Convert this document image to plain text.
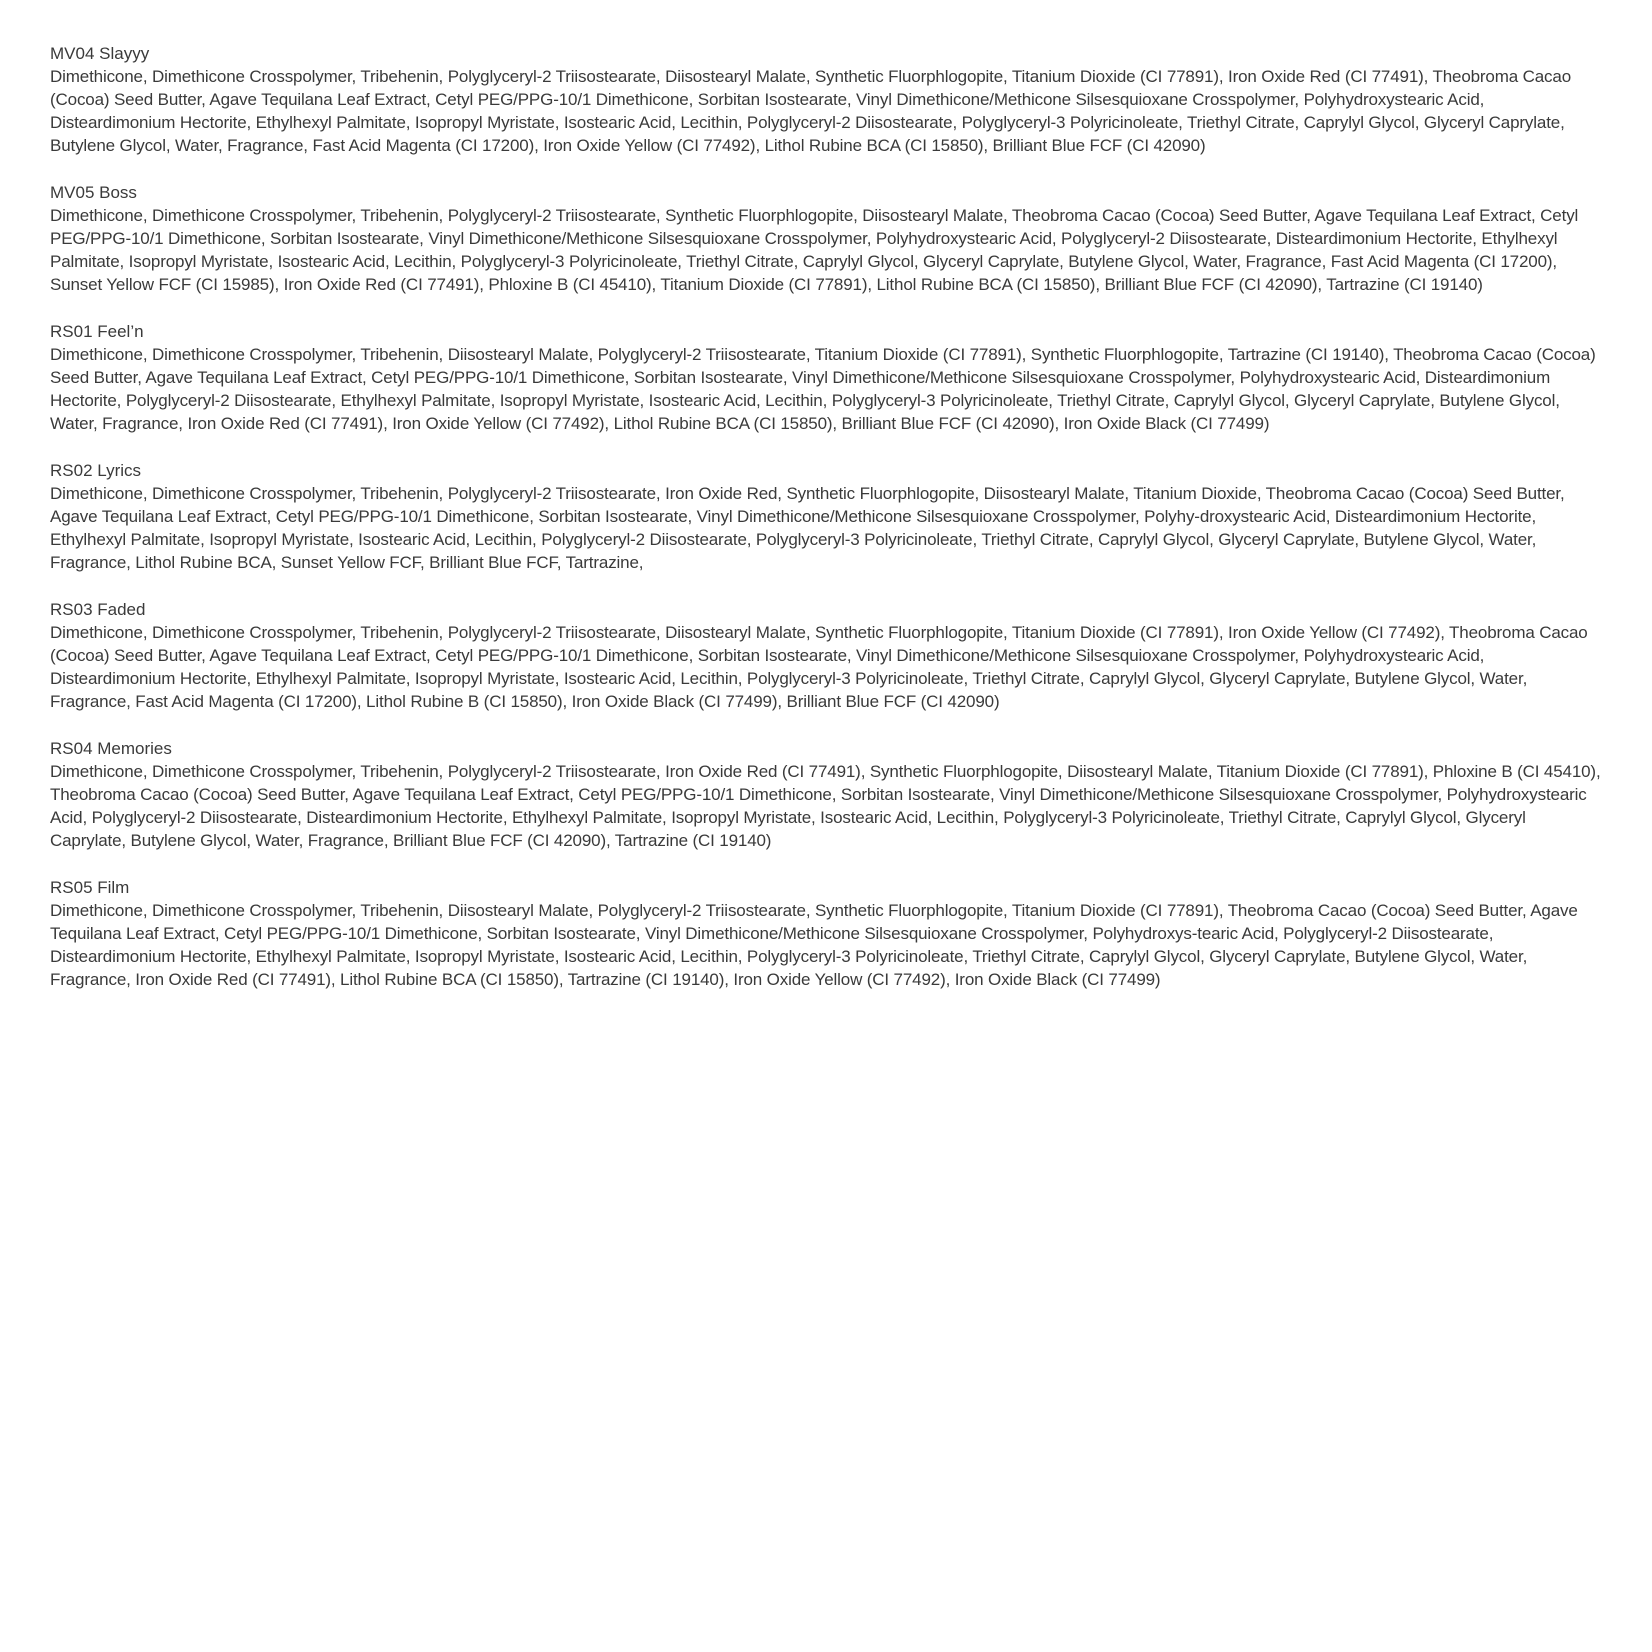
MV04 Slayyy

Dimethicone, Dimethicone Crosspolymer, Tribehenin, Polyglyceryl-2 Triisostearate, Diisostearyl Malate, Synthetic Fluorphlogopite, Titanium Dioxide (CI 77891), Iron Oxide Red (CI 77491), Theobroma Cacao (Cocoa) Seed Butter, Agave Tequilana Leaf Extract, Cetyl PEG/PPG-10/1 Dimethicone, Sorbitan Isostearate, Vinyl Dimethicone/Methicone Silsesquioxane Crosspolymer, Polyhydroxystearic Acid, Disteardimonium Hectorite, Ethylhexyl Palmitate, Isopropyl Myristate, Isostearic Acid, Lecithin, Polyglyceryl-2 Diisostearate, Polyglyceryl-3 Polyricinoleate, Triethyl Citrate, Caprylyl Glycol, Glyceryl Caprylate, Butylene Glycol, Water, Fragrance, Fast Acid Magenta (CI 17200), Iron Oxide Yellow (CI 77492), Lithol Rubine BCA (CI 15850), Brilliant Blue FCF (CI 42090)

MV05 Boss

Dimethicone, Dimethicone Crosspolymer, Tribehenin, Polyglyceryl-2 Triisostearate, Synthetic Fluorphlogopite, Diisostearyl Malate, Theobroma Cacao (Cocoa) Seed Butter, Agave Tequilana Leaf Extract, Cetyl PEG/PPG-10/1 Dimethicone, Sorbitan Isostearate, Vinyl Dimethicone/Methicone Silsesquioxane Crosspolymer, Polyhydroxystearic Acid, Polyglyceryl-2 Diisostearate, Disteardimonium Hectorite, Ethylhexyl Palmitate, Isopropyl Myristate, Isostearic Acid, Lecithin, Polyglyceryl-3 Polyricinoleate, Triethyl Citrate, Caprylyl Glycol, Glyceryl Caprylate, Butylene Glycol, Water, Fragrance, Fast Acid Magenta (CI 17200), Sunset Yellow FCF (CI 15985), Iron Oxide Red (CI 77491), Phloxine B (CI 45410), Titanium Dioxide (CI 77891), Lithol Rubine BCA (CI 15850), Brilliant Blue FCF (CI 42090), Tartrazine (CI 19140)

RS01 Feel’n

Dimethicone, Dimethicone Crosspolymer, Tribehenin, Diisostearyl Malate, Polyglyceryl-2 Triisostearate, Titanium Dioxide (CI 77891), Synthetic Fluorphlogopite, Tartrazine (CI 19140), Theobroma Cacao (Cocoa) Seed Butter, Agave Tequilana Leaf Extract, Cetyl PEG/PPG-10/1 Dimethicone, Sorbitan Isostearate, Vinyl Dimethicone/Methicone Silsesquioxane Crosspolymer, Polyhydroxystearic Acid, Disteardimonium Hectorite, Polyglyceryl-2 Diisostearate, Ethylhexyl Palmitate, Isopropyl Myristate, Isostearic Acid, Lecithin, Polyglyceryl-3 Polyricinoleate, Triethyl Citrate, Caprylyl Glycol, Glyceryl Caprylate, Butylene Glycol, Water, Fragrance, Iron Oxide Red (CI 77491), Iron Oxide Yellow (CI 77492), Lithol Rubine BCA (CI 15850), Brilliant Blue FCF (CI 42090), Iron Oxide Black (CI 77499)

RS02 Lyrics

Dimethicone, Dimethicone Crosspolymer, Tribehenin, Polyglyceryl-2 Triisostearate, Iron Oxide Red, Synthetic Fluorphlogopite, Diisostearyl Malate, Titanium Dioxide, Theobroma Cacao (Cocoa) Seed Butter, Agave Tequilana Leaf Extract, Cetyl PEG/PPG-10/1 Dimethicone, Sorbitan Isostearate, Vinyl Dimethicone/Methicone Silsesquioxane Crosspolymer, Polyhy-droxystearic Acid, Disteardimonium Hectorite, Ethylhexyl Palmitate, Isopropyl Myristate, Isostearic Acid, Lecithin, Polyglyceryl-2 Diisostearate, Polyglyceryl-3 Polyricinoleate, Triethyl Citrate, Caprylyl Glycol, Glyceryl Caprylate, Butylene Glycol, Water, Fragrance, Lithol Rubine BCA, Sunset Yellow FCF, Brilliant Blue FCF, Tartrazine,

RS03 Faded

Dimethicone, Dimethicone Crosspolymer, Tribehenin, Polyglyceryl-2 Triisostearate, Diisostearyl Malate, Synthetic Fluorphlogopite, Titanium Dioxide (CI 77891), Iron Oxide Yellow (CI 77492), Theobroma Cacao (Cocoa) Seed Butter, Agave Tequilana Leaf Extract, Cetyl PEG/PPG-10/1 Dimethicone, Sorbitan Isostearate, Vinyl Dimethicone/Methicone Silsesquioxane Crosspolymer, Polyhydroxystearic Acid, Disteardimonium Hectorite, Ethylhexyl Palmitate, Isopropyl Myristate, Isostearic Acid, Lecithin, Polyglyceryl-3 Polyricinoleate, Triethyl Citrate, Caprylyl Glycol, Glyceryl Caprylate, Butylene Glycol, Water, Fragrance, Fast Acid Magenta (CI 17200), Lithol Rubine B (CI 15850), Iron Oxide Black (CI 77499), Brilliant Blue FCF (CI 42090)

RS04 Memories

Dimethicone, Dimethicone Crosspolymer, Tribehenin, Polyglyceryl-2 Triisostearate, Iron Oxide Red (CI 77491), Synthetic Fluorphlogopite, Diisostearyl Malate, Titanium Dioxide (CI 77891), Phloxine B (CI 45410), Theobroma Cacao (Cocoa) Seed Butter, Agave Tequilana Leaf Extract, Cetyl PEG/PPG-10/1 Dimethicone, Sorbitan Isostearate, Vinyl Dimethicone/Methicone Silsesquioxane Crosspolymer, Polyhydroxystearic Acid, Polyglyceryl-2 Diisostearate, Disteardimonium Hectorite, Ethylhexyl Palmitate, Isopropyl Myristate, Isostearic Acid, Lecithin, Polyglyceryl-3 Polyricinoleate, Triethyl Citrate, Caprylyl Glycol, Glyceryl Caprylate, Butylene Glycol, Water, Fragrance, Brilliant Blue FCF (CI 42090), Tartrazine (CI 19140)

RS05 Film

Dimethicone, Dimethicone Crosspolymer, Tribehenin, Diisostearyl Malate, Polyglyceryl-2 Triisostearate, Synthetic Fluorphlogopite, Titanium Dioxide (CI 77891), Theobroma Cacao (Cocoa) Seed Butter, Agave Tequilana Leaf Extract, Cetyl PEG/PPG-10/1 Dimethicone, Sorbitan Isostearate, Vinyl Dimethicone/Methicone Silsesquioxane Crosspolymer, Polyhydroxys-tearic Acid, Polyglyceryl-2 Diisostearate, Disteardimonium Hectorite, Ethylhexyl Palmitate, Isopropyl Myristate, Isostearic Acid, Lecithin, Polyglyceryl-3 Polyricinoleate, Triethyl Citrate, Caprylyl Glycol, Glyceryl Caprylate, Butylene Glycol, Water, Fragrance, Iron Oxide Red (CI 77491), Lithol Rubine BCA (CI 15850), Tartrazine (CI 19140), Iron Oxide Yellow (CI 77492), Iron Oxide Black (CI 77499)
